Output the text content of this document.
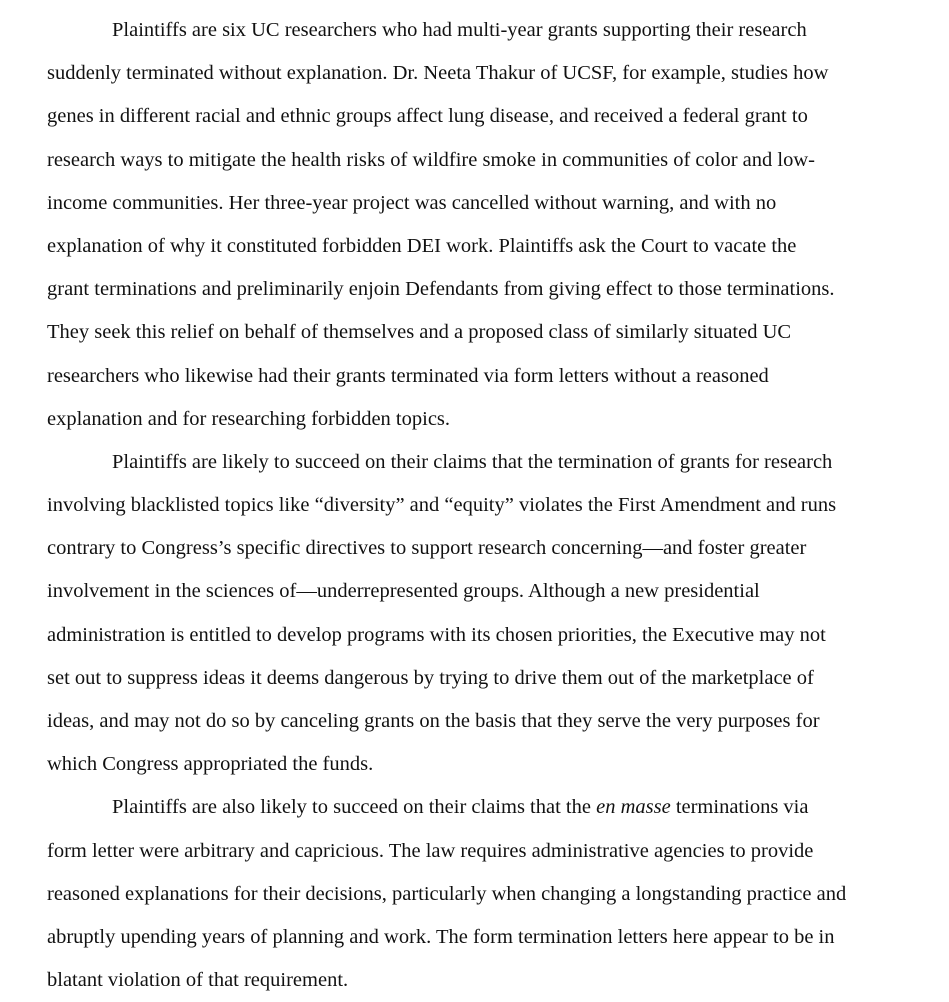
Plaintiffs are six UC researchers who had multi-year grants supporting their research
suddenly terminated without explanation. Dr. Neeta Thakur of UCSF, for example, studies how
genes in different racial and ethnic groups affect lung disease, and received a federal grant to
research ways to mitigate the health risks of wildfire smoke in communities of color and low-
income communities. Her three-year project was cancelled without warning, and with no
explanation of why it constituted forbidden DEI work. Plaintiffs ask the Court to vacate the
grant terminations and preliminarily enjoin Defendants from giving effect to those terminations.
They seek this relief on behalf of themselves and a proposed class of similarly situated UC
researchers who likewise had their grants terminated via form letters without a reasoned
explanation and for researching forbidden topics.
Plaintiffs are likely to succeed on their claims that the termination of grants for research
involving blacklisted topics like “diversity” and “equity” violates the First Amendment and runs
contrary to Congress’s specific directives to support research concerning—and foster greater
involvement in the sciences of—underrepresented groups. Although a new presidential
administration is entitled to develop programs with its chosen priorities, the Executive may not
set out to suppress ideas it deems dangerous by trying to drive them out of the marketplace of
ideas, and may not do so by canceling grants on the basis that they serve the very purposes for
which Congress appropriated the funds.
Plaintiffs are also likely to succeed on their claims that the en masse terminations via
form letter were arbitrary and capricious. The law requires administrative agencies to provide
reasoned explanations for their decisions, particularly when changing a longstanding practice and
abruptly upending years of planning and work. The form termination letters here appear to be in
blatant violation of that requirement.
